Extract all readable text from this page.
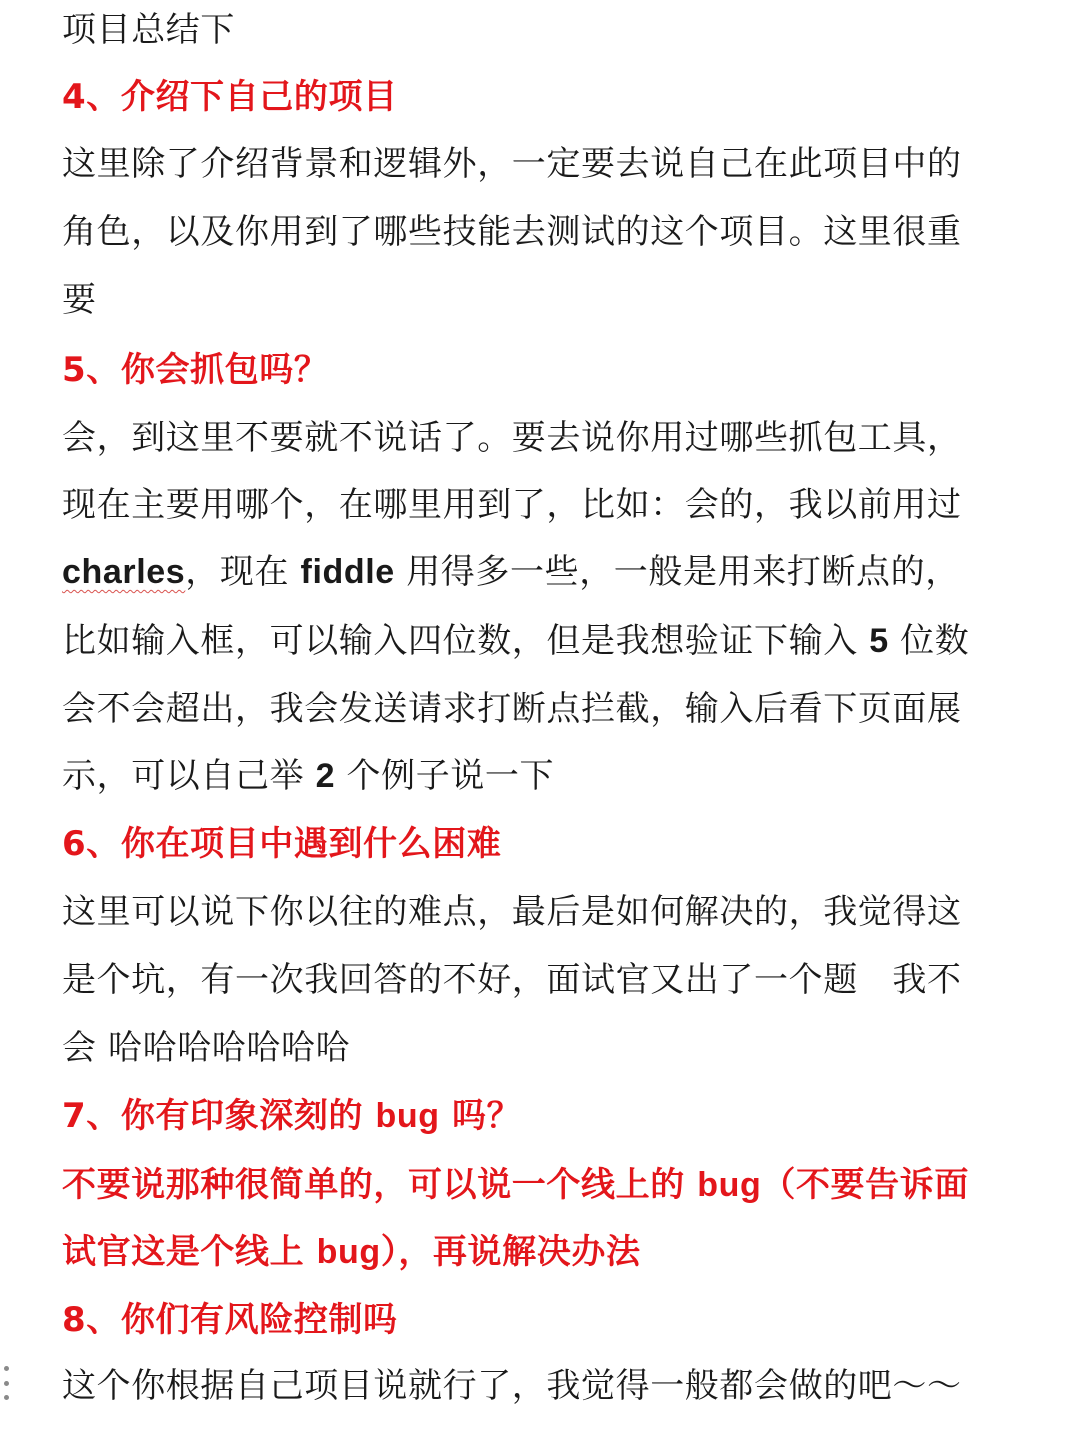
项目总结下
4、介绍下自己的项目
这里除了介绍背景和逻辑外，一定要去说自己在此项目中的
角色，以及你用到了哪些技能去测试的这个项目。这里很重
要
5、你会抓包吗？
会，到这里不要就不说话了。要去说你用过哪些抓包工具，
现在主要用哪个，在哪里用到了，比如：会的，我以前用过
charles，现在 fiddle 用得多一些，一般是用来打断点的，
比如输入框，可以输入四位数，但是我想验证下输入 5 位数
会不会超出，我会发送请求打断点拦截，输入后看下页面展
示，可以自己举 2 个例子说一下
6、你在项目中遇到什么困难
这里可以说下你以往的难点，最后是如何解决的，我觉得这
是个坑，有一次我回答的不好，面试官又出了一个题　我不
会 哈哈哈哈哈哈哈
7、你有印象深刻的 bug 吗？
不要说那种很简单的，可以说一个线上的 bug（不要告诉面
试官这是个线上 bug），再说解决办法
8、你们有风险控制吗
这个你根据自己项目说就行了，我觉得一般都会做的吧～～
